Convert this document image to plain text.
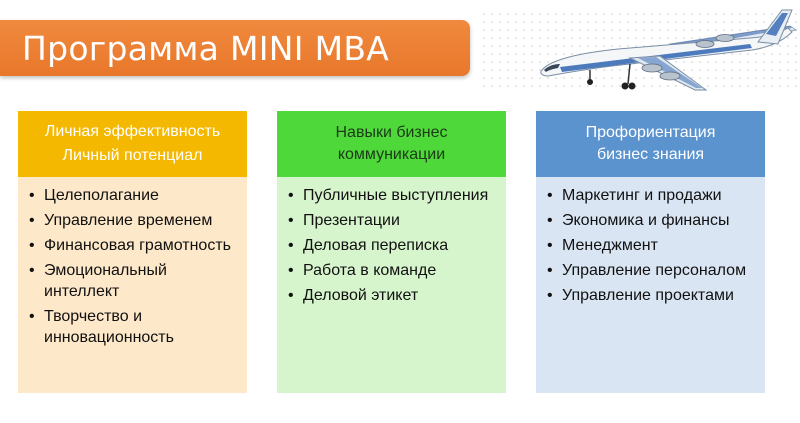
Программа MINI MBA
Личная эффективность
Личный потенциал
• Целеполагание
• Управление временем
• Финансовая грамотность
• Эмоциональный интеллект
• Творчество и инновационность
Навыки бизнес
коммуникации
• Публичные выступления
• Презентации
• Деловая переписка
• Работа в команде
• Деловой этикет
Профориентация
бизнес знания
• Маркетинг и продажи
• Экономика и финансы
• Менеджмент
• Управление персоналом
• Управление проектами
